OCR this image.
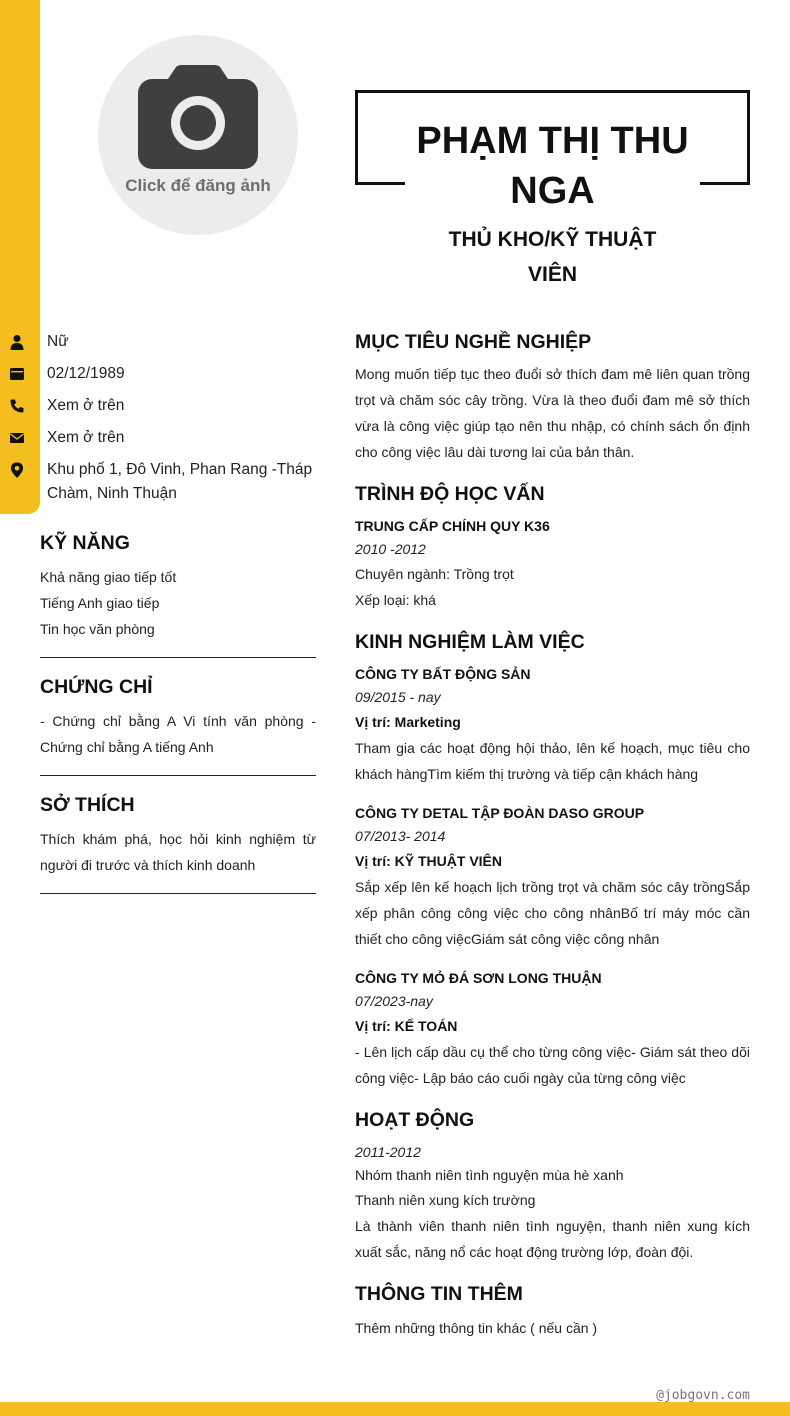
Click để đăng ảnh
PHẠM THỊ THU NGA
THỦ KHO/KỸ THUẬT VIÊN
Nữ
02/12/1989
Xem ở trên
Xem ở trên
Khu phố 1, Đô Vinh, Phan Rang -Tháp Chàm, Ninh Thuận
KỸ NĂNG
Khả năng giao tiếp tốt
Tiếng Anh giao tiếp
Tin học văn phòng
CHỨNG CHỈ
- Chứng chỉ bằng A Vi tính văn phòng - Chứng chỉ bằng A tiếng Anh
SỞ THÍCH
Thích khám phá, học hỏi kinh nghiệm từ người đi trước và thích kinh doanh
MỤC TIÊU NGHỀ NGHIỆP
Mong muốn tiếp tục theo đuổi sở thích đam mê liên quan trồng trọt và chăm sóc cây trồng. Vừa là theo đuổi đam mê sở thích vừa là công việc giúp tạo nên thu nhập, có chính sách ổn định cho công việc lâu dài tương lai của bản thân.
TRÌNH ĐỘ HỌC VẤN
TRUNG CẤP CHÍNH QUY K36
2010 -2012
Chuyên ngành: Trồng trọt
Xếp loại: khá
KINH NGHIỆM LÀM VIỆC
CÔNG TY BẤT ĐỘNG SẢN
09/2015 - nay
Vị trí: Marketing
Tham gia các hoạt động hội thảo, lên kế hoạch, mục tiêu cho khách hàngTìm kiếm thị trường và tiếp cận khách hàng
CÔNG TY DETAL TẬP ĐOÀN DASO GROUP
07/2013- 2014
Vị trí: KỸ THUẬT VIÊN
Sắp xếp lên kế hoạch lịch trồng trọt và chăm sóc cây trồngSắp xếp phân công công việc cho công nhânBố trí máy móc cần thiết cho công việcGiám sát công việc công nhân
CÔNG TY MỎ ĐÁ SƠN LONG THUẬN
07/2023-nay
Vị trí: KẾ TOÁN
- Lên lịch cấp dầu cụ thể cho từng công việc- Giám sát theo dõi công việc- Lập báo cáo cuối ngày của từng công việc
HOẠT ĐỘNG
2011-2012
Nhóm thanh niên tình nguyện mùa hè xanh
Thanh niên xung kích trường
Là thành viên thanh niên tình nguyện, thanh niên xung kích xuất sắc, năng nổ các hoạt động trường lớp, đoàn đội.
THÔNG TIN THÊM
Thêm những thông tin khác ( nếu cần )
@jobgovn.com
